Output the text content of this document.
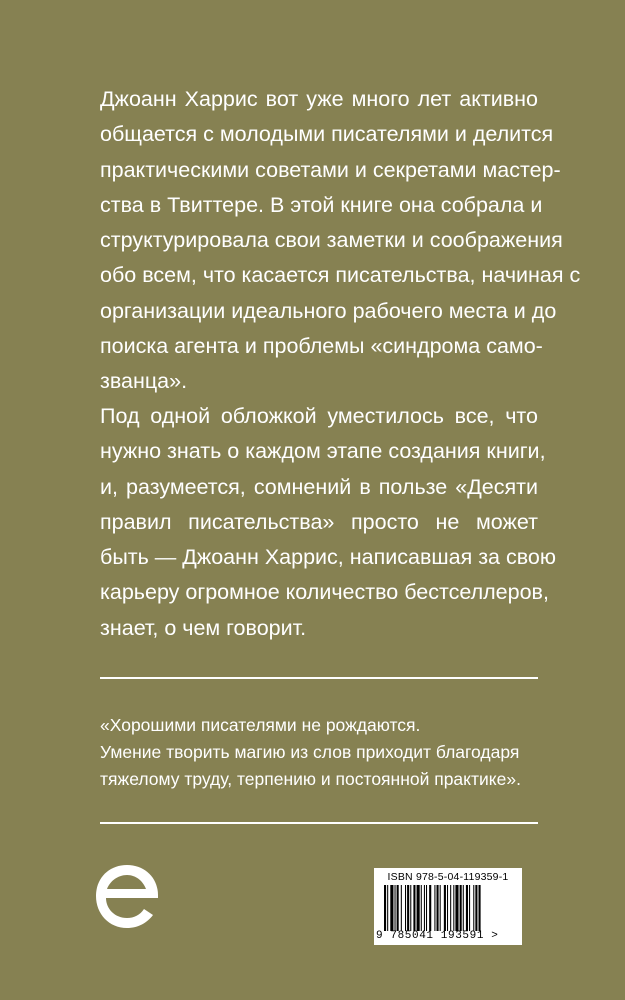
Джоанн Харрис вот уже много лет активно
общается с молодыми писателями и делится
практическими советами и секретами мастер-
ства в Твиттере. В этой книге она собрала и
структурировала свои заметки и соображения
обо всем, что касается писательства, начиная с
организации идеального рабочего места и до
поиска агента и проблемы «синдрома само-
званца».
Под одной обложкой уместилось все, что
нужно знать о каждом этапе создания книги,
и, разумеется, сомнений в пользе «Десяти
правил писательства» просто не может
быть — Джоанн Харрис, написавшая за свою
карьеру огромное количество бестселлеров,
знает, о чем говорит.
«Хорошими писателями не рождаются.
Умение творить магию из слов приходит благодаря
тяжелому труду, терпению и постоянной практике».
ISBN 978-5-04-119359-1
9 785041 193591 >
